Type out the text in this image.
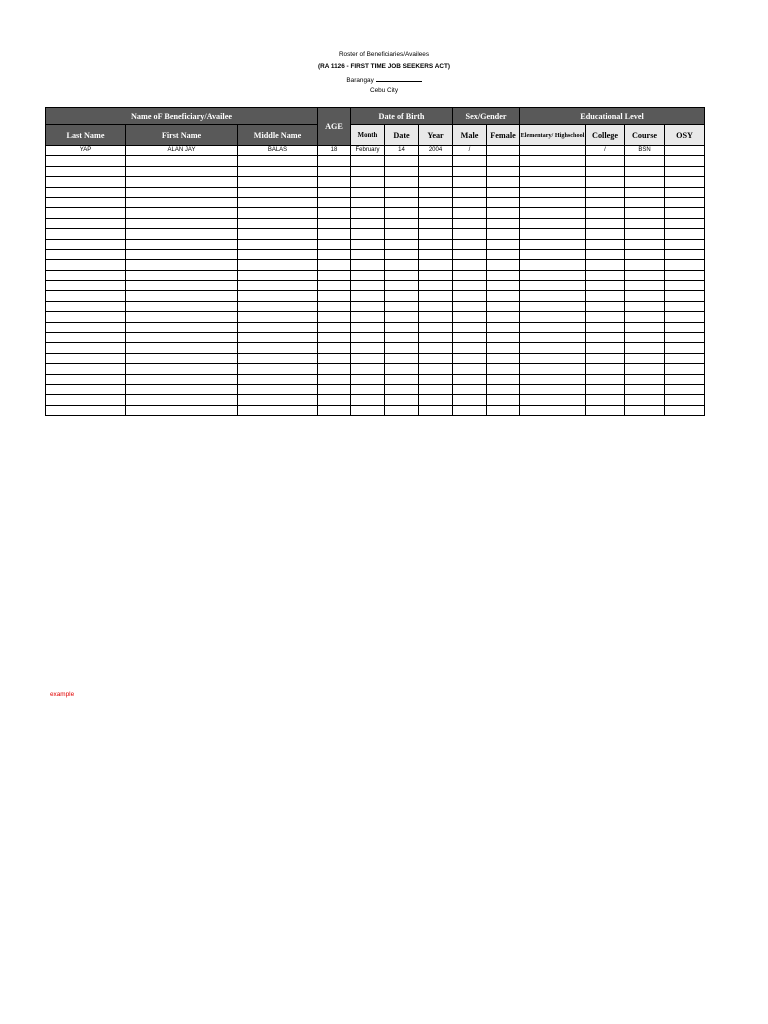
Roster of Beneficiaries/Availees
(RA 1126 - FIRST TIME JOB SEEKERS ACT)
Barangay
Cebu City
Name oF Beneficiary/Availee			AGE	Date of Birth			Sex/Gender		Educational Level			
Last Name	First Name	Middle Name		Month	Date	Year	Male	Female	Elementary/ Highschool	College	Course	OSY
YAP	ALAN JAY	BALAS	18	February	14	2004	/			/	BSN	

example
